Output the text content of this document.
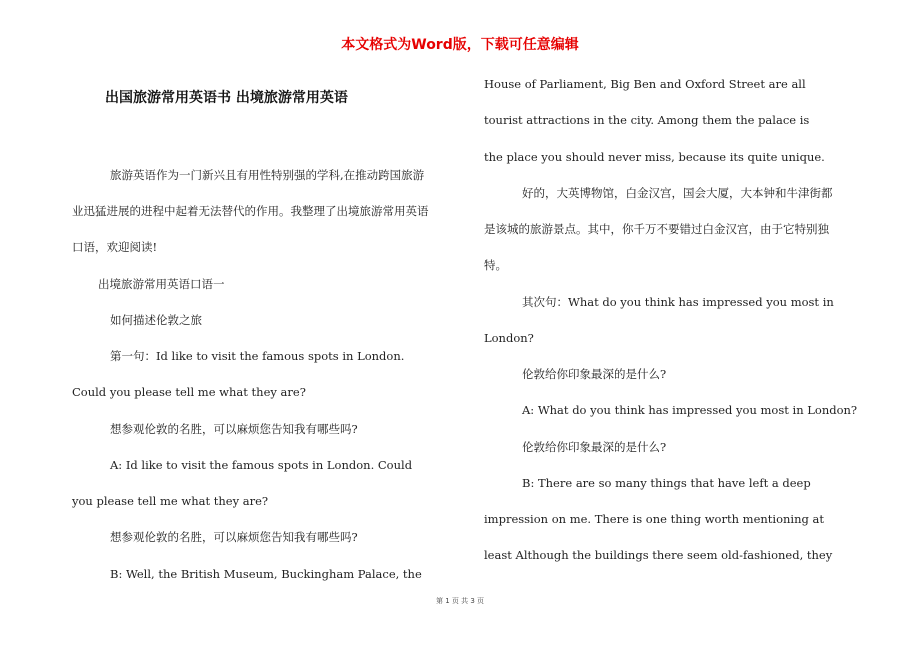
本文格式为Word版，下载可任意编辑
出国旅游常用英语书 出境旅游常用英语
旅游英语作为一门新兴且有用性特别强的学科,在推动跨国旅游
业迅猛进展的进程中起着无法替代的作用。我整理了出境旅游常用英语
口语，欢迎阅读!
出境旅游常用英语口语一
如何描述伦敦之旅
第一句：Id like to visit the famous spots in London.
Could you please tell me what they are?
想参观伦敦的名胜，可以麻烦您告知我有哪些吗?
A: Id like to visit the famous spots in London. Could
you please tell me what they are?
想参观伦敦的名胜，可以麻烦您告知我有哪些吗?
B: Well, the British Museum, Buckingham Palace, the
House of Parliament, Big Ben and Oxford Street are all
tourist attractions in the city. Among them the palace is
the place you should never miss, because its quite unique.
好的，大英博物馆，白金汉宫，国会大厦，大本钟和牛津街都
是该城的旅游景点。其中，你千万不要错过白金汉宫，由于它特别独
特。
其次句：What do you think has impressed you most in
London?
伦敦给你印象最深的是什么?
A: What do you think has impressed you most in London?
伦敦给你印象最深的是什么?
B: There are so many things that have left a deep
impression on me. There is one thing worth mentioning at
least Although the buildings there seem old-fashioned, they
第 1 页 共 3 页
